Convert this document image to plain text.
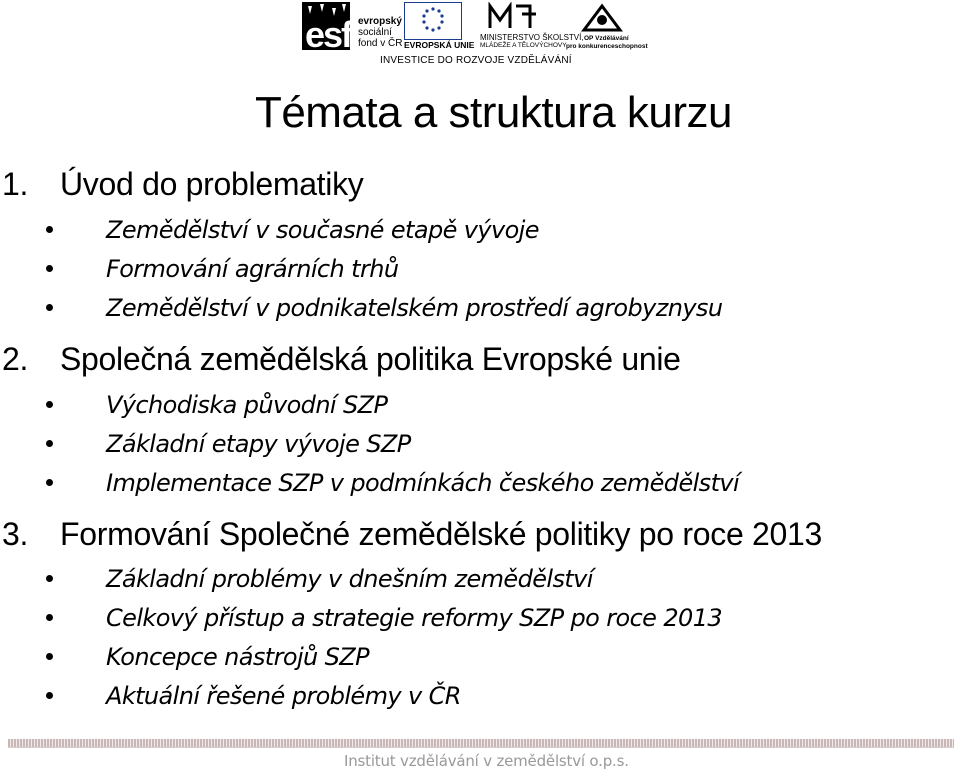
esf evropský
sociální
fond v ČR EVROPSKÁ UNIE
MINISTERSTVO ŠKOLSTVÍ,
MLÁDEŽE A TĚLOVÝCHOVY
OP Vzdělávání
pro konkurenceschopnost
INVESTICE DO ROZVOJE VZDĚLÁVÁNÍ
Témata a struktura kurzu
1. Úvod do problematiky
Zemědělství v současné etapě vývoje
Formování agrárních trhů
Zemědělství v podnikatelském prostředí agrobyznysu
2. Společná zemědělská politika Evropské unie
Východiska původní SZP
Základní etapy vývoje SZP
Implementace SZP v podmínkách českého zemědělství
3. Formování Společné zemědělské politiky po roce 2013
Základní problémy v dnešním zemědělství
Celkový přístup a strategie reformy SZP po roce 2013
Koncepce nástrojů SZP
Aktuální řešené problémy v ČR
Institut vzdělávání v zemědělství o.p.s.
